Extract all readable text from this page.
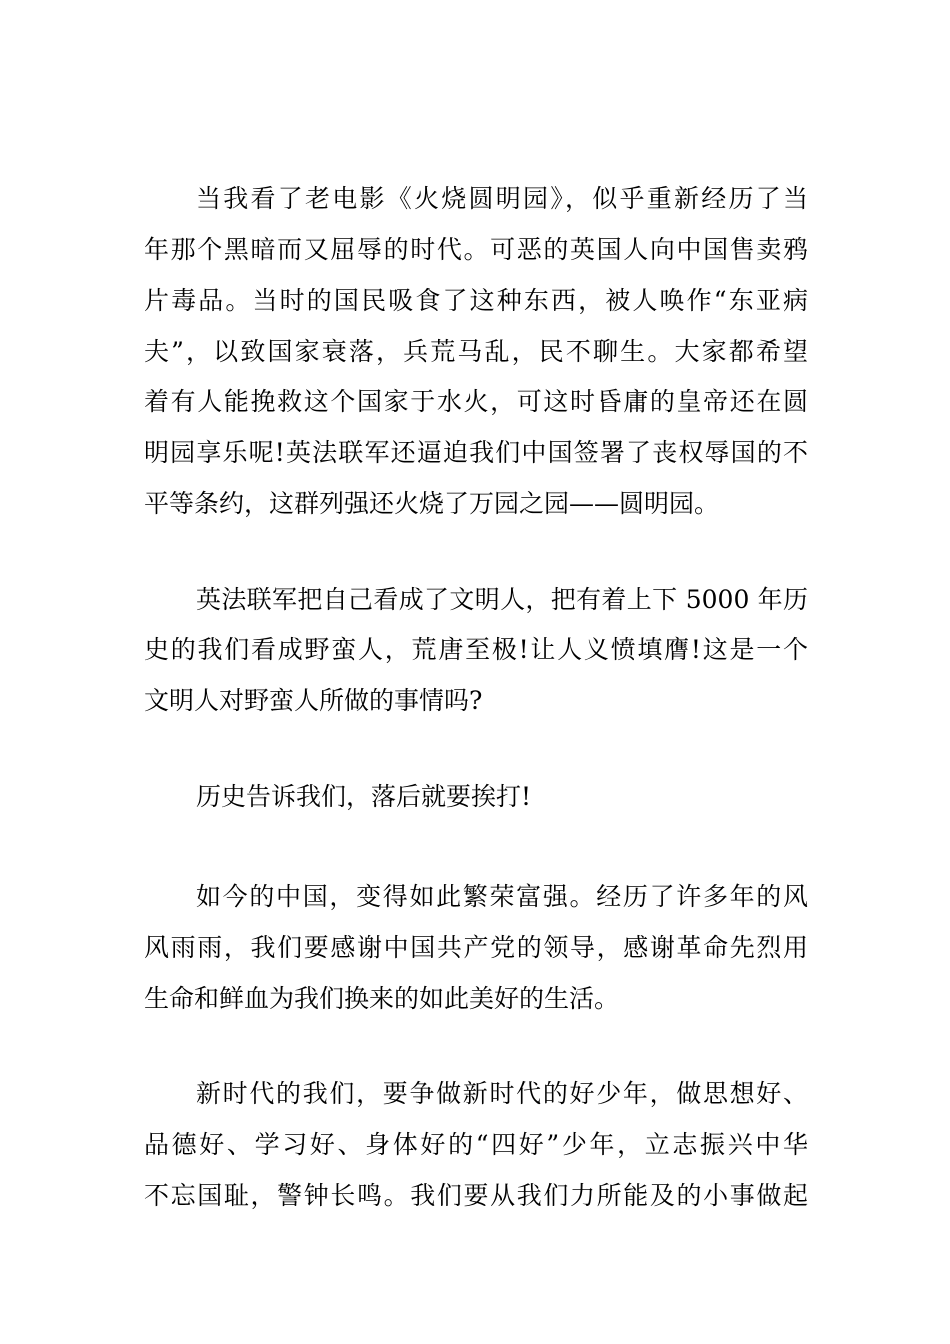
当我看了老电影《火烧圆明园》，似乎重新经历了当
年那个黑暗而又屈辱的时代。可恶的英国人向中国售卖鸦
片毒品。当时的国民吸食了这种东西，被人唤作“东亚病
夫”，以致国家衰落，兵荒马乱，民不聊生。大家都希望
着有人能挽救这个国家于水火，可这时昏庸的皇帝还在圆
明园享乐呢!英法联军还逼迫我们中国签署了丧权辱国的不
平等条约，这群列强还火烧了万园之园——圆明园。
英法联军把自己看成了文明人，把有着上下 5000 年历
史的我们看成野蛮人，荒唐至极!让人义愤填膺!这是一个
文明人对野蛮人所做的事情吗?
历史告诉我们，落后就要挨打!
如今的中国，变得如此繁荣富强。经历了许多年的风
风雨雨，我们要感谢中国共产党的领导，感谢革命先烈用
生命和鲜血为我们换来的如此美好的生活。
新时代的我们，要争做新时代的好少年，做思想好、
品德好、学习好、身体好的“四好”少年，立志振兴中华
不忘国耻，警钟长鸣。我们要从我们力所能及的小事做起
